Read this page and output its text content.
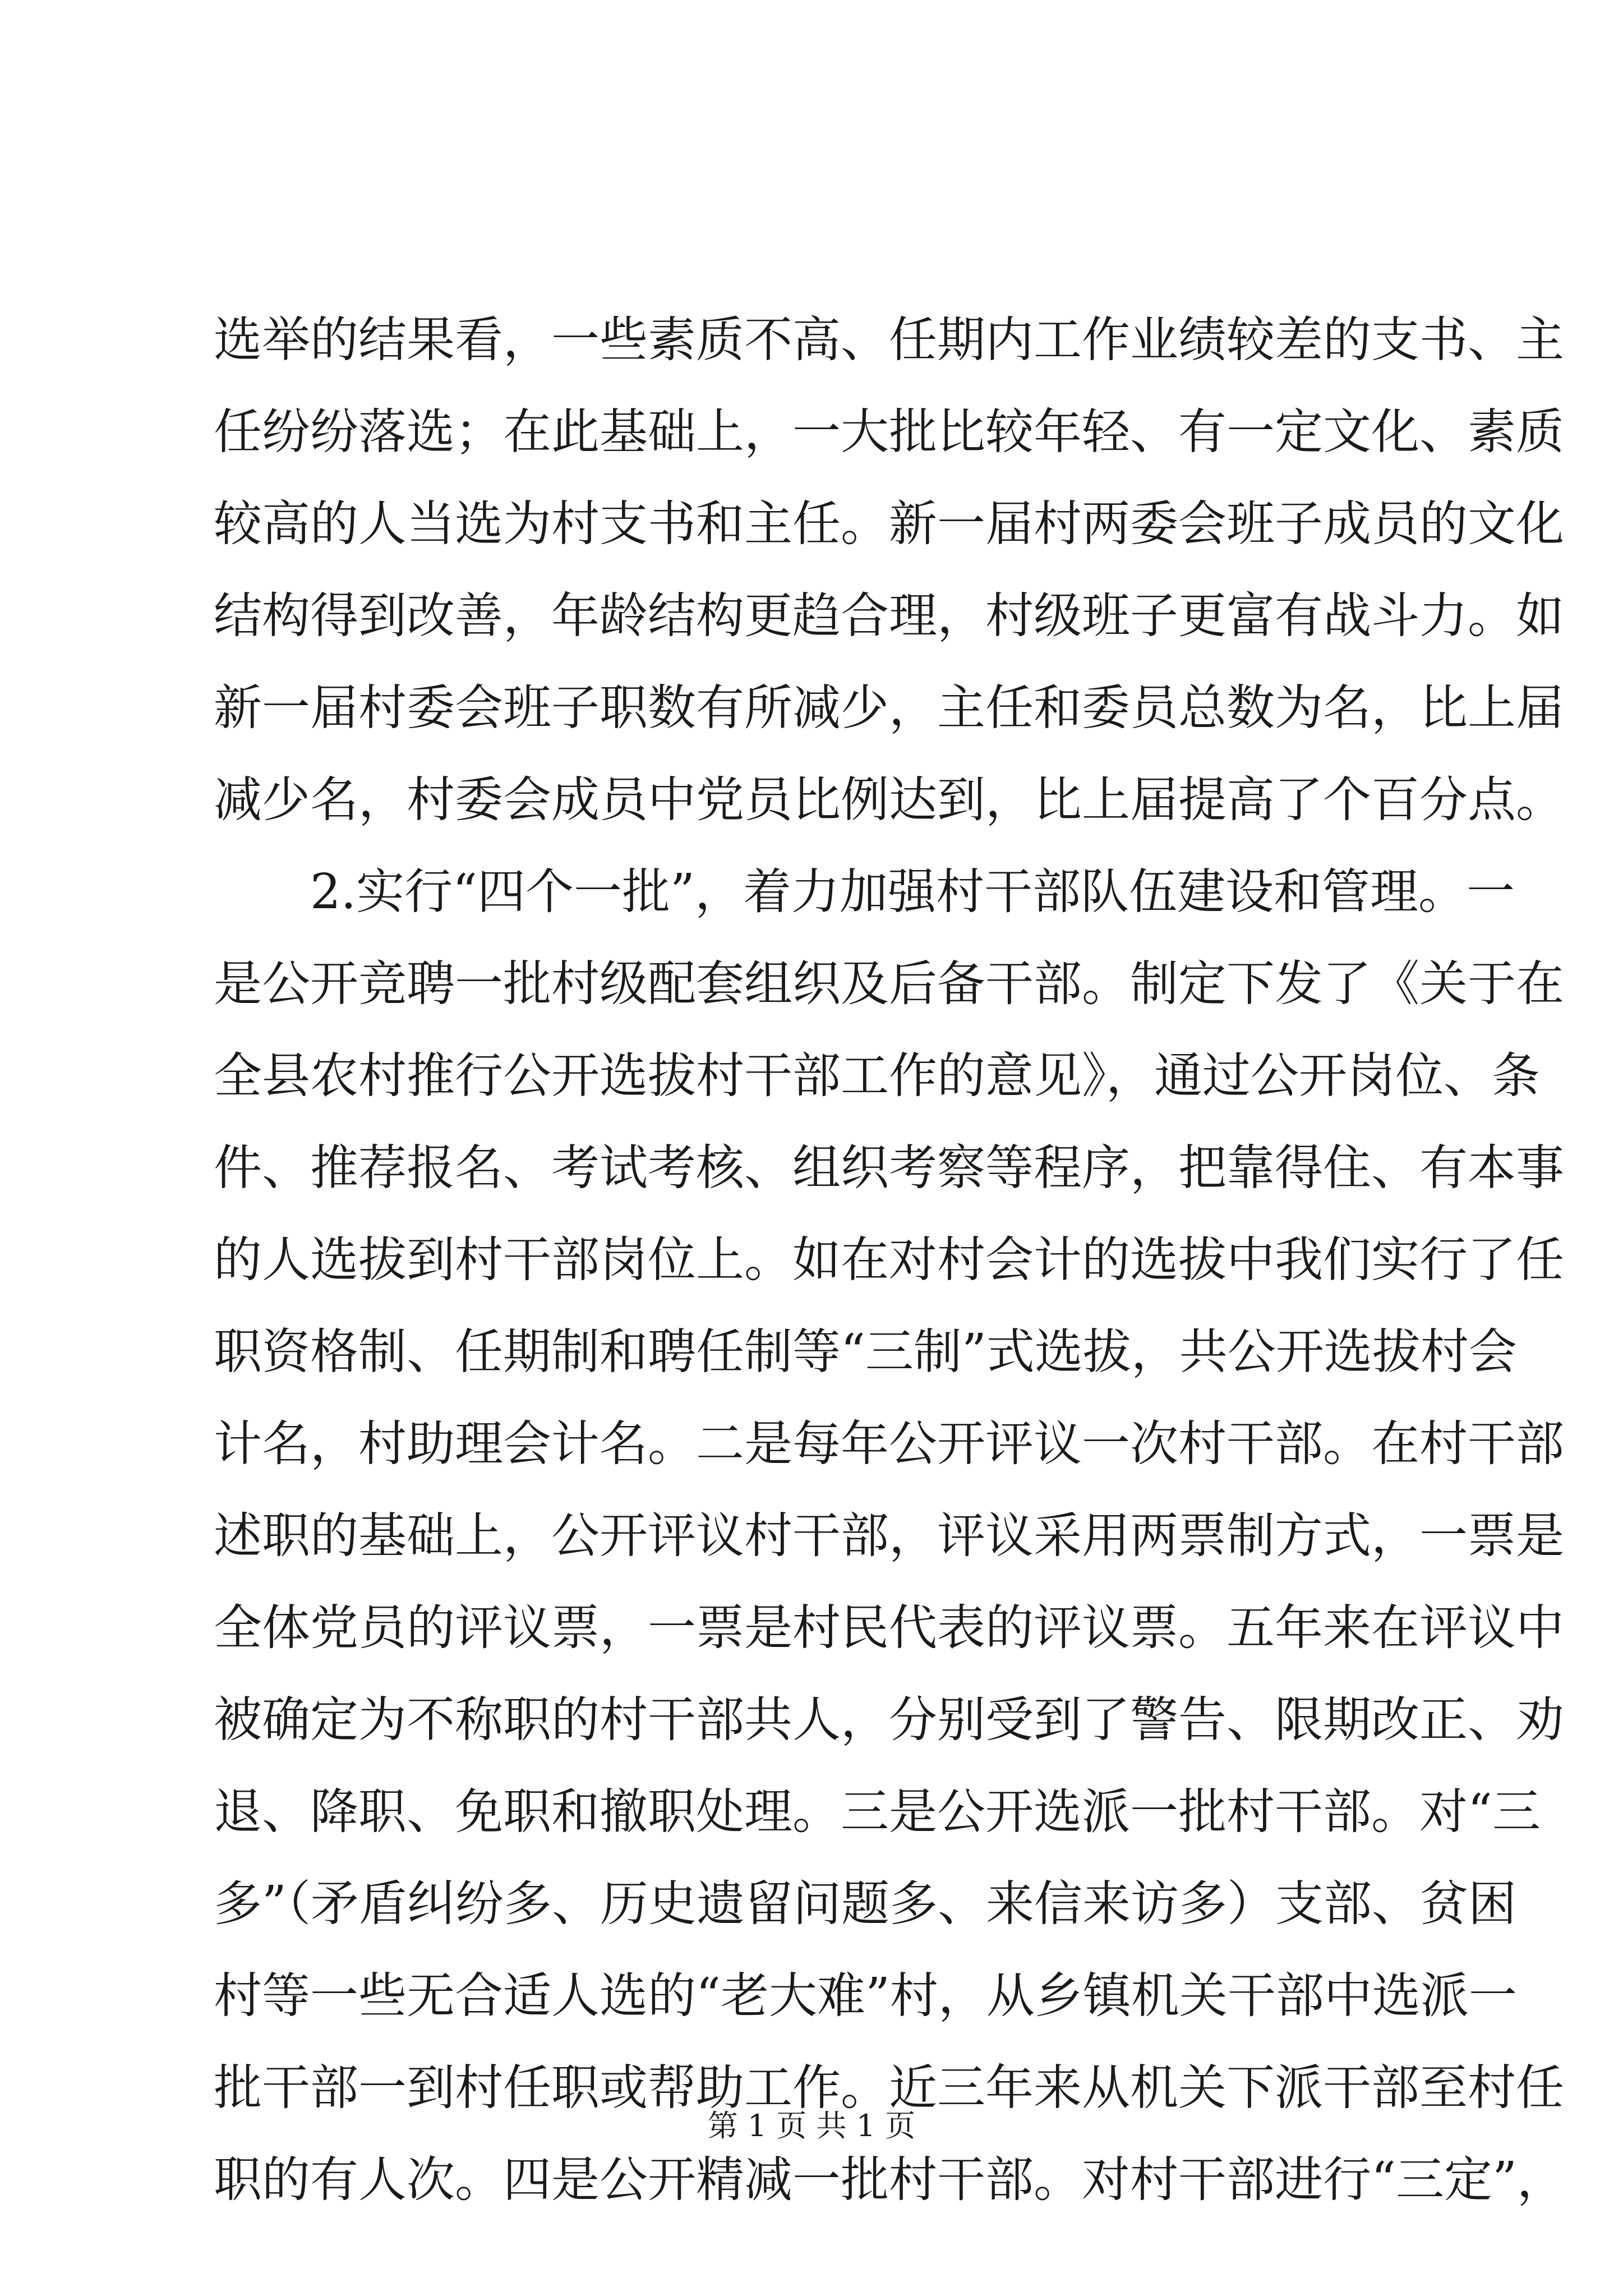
选举的结果看，一些素质不高、任期内工作业绩较差的支书、主
任纷纷落选；在此基础上，一大批比较年轻、有一定文化、素质
较高的人当选为村支书和主任。新一届村两委会班子成员的文化
结构得到改善，年龄结构更趋合理，村级班子更富有战斗力。如
新一届村委会班子职数有所减少，主任和委员总数为名，比上届
减少名，村委会成员中党员比例达到，比上届提高了个百分点。
2.实行“四个一批”，着力加强村干部队伍建设和管理。一
是公开竞聘一批村级配套组织及后备干部。制定下发了《关于在
全县农村推行公开选拔村干部工作的意见》，通过公开岗位、条
件、推荐报名、考试考核、组织考察等程序，把靠得住、有本事
的人选拔到村干部岗位上。如在对村会计的选拔中我们实行了任
职资格制、任期制和聘任制等“三制”式选拔，共公开选拔村会
计名，村助理会计名。二是每年公开评议一次村干部。在村干部
述职的基础上，公开评议村干部，评议采用两票制方式，一票是
全体党员的评议票，一票是村民代表的评议票。五年来在评议中
被确定为不称职的村干部共人，分别受到了警告、限期改正、劝
退、降职、免职和撤职处理。三是公开选派一批村干部。对“三
多”（矛盾纠纷多、历史遗留问题多、来信来访多）支部、贫困
村等一些无合适人选的“老大难”村，从乡镇机关干部中选派一
批干部一到村任职或帮助工作。近三年来从机关下派干部至村任
职的有人次。四是公开精减一批村干部。对村干部进行“三定”，
第 1 页 共 1 页
